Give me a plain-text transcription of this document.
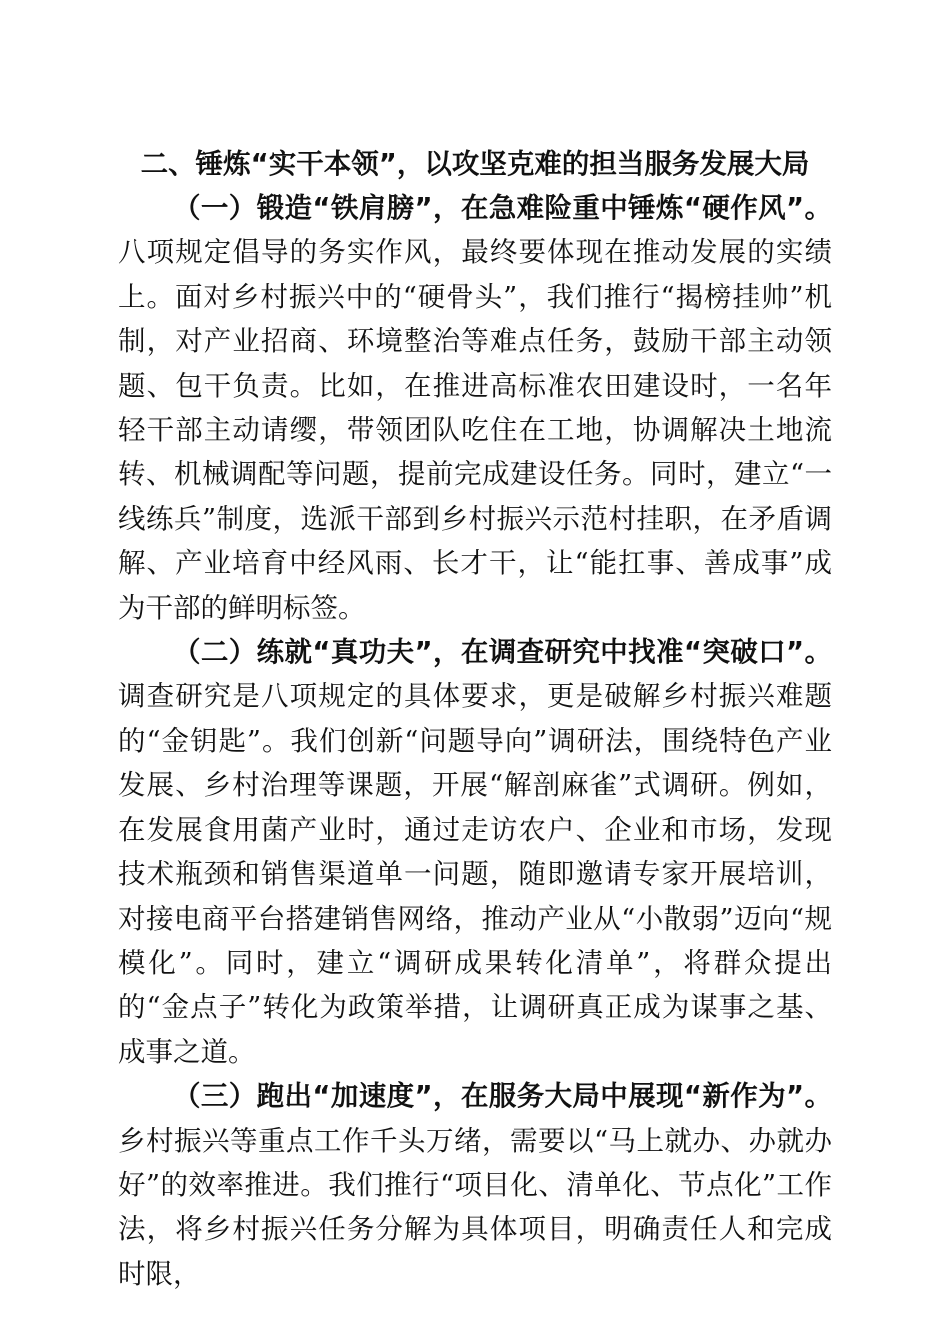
二、锤炼“实干本领”，以攻坚克难的担当服务发展大局

（一）锻造“铁肩膀”，在急难险重中锤炼“硬作风”。八项规定倡导的务实作风，最终要体现在推动发展的实绩上。面对乡村振兴中的“硬骨头”，我们推行“揭榜挂帅”机制，对产业招商、环境整治等难点任务，鼓励干部主动领题、包干负责。比如，在推进高标准农田建设时，一名年轻干部主动请缨，带领团队吃住在工地，协调解决土地流转、机械调配等问题，提前完成建设任务。同时，建立“一线练兵”制度，选派干部到乡村振兴示范村挂职，在矛盾调解、产业培育中经风雨、长才干，让“能扛事、善成事”成为干部的鲜明标签。

（二）练就“真功夫”，在调查研究中找准“突破口”。调查研究是八项规定的具体要求，更是破解乡村振兴难题的“金钥匙”。我们创新“问题导向”调研法，围绕特色产业发展、乡村治理等课题，开展“解剖麻雀”式调研。例如，在发展食用菌产业时，通过走访农户、企业和市场，发现技术瓶颈和销售渠道单一问题，随即邀请专家开展培训，对接电商平台搭建销售网络，推动产业从“小散弱”迈向“规模化”。同时，建立“调研成果转化清单”，将群众提出的“金点子”转化为政策举措，让调研真正成为谋事之基、成事之道。

（三）跑出“加速度”，在服务大局中展现“新作为”。乡村振兴等重点工作千头万绪，需要以“马上就办、办就办好”的效率推进。我们推行“项目化、清单化、节点化”工作法，将乡村振兴任务分解为具体项目，明确责任人和完成时限，
